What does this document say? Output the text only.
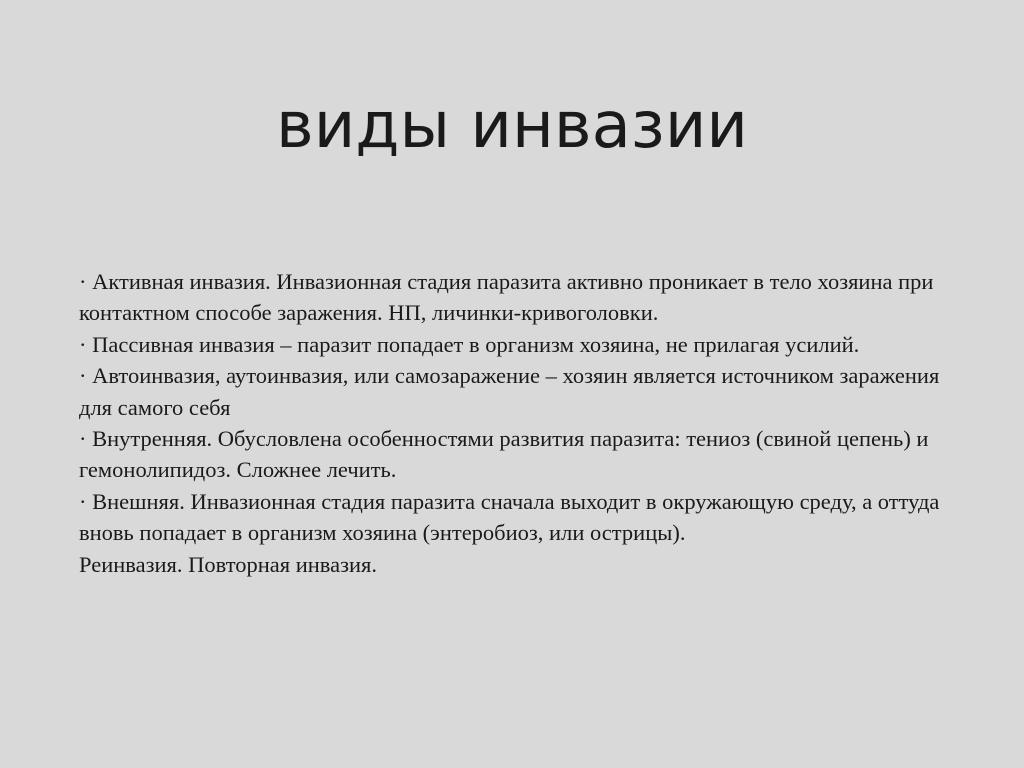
виды инвазии

· Активная инвазия. Инвазионная стадия паразита активно проникает в тело хозяина при контактном способе заражения. НП, личинки-кривоголовки.

· Пассивная инвазия – паразит попадает в организм хозяина, не прилагая усилий.

· Автоинвазия, аутоинвазия, или самозаражение – хозяин является источником заражения для самого себя

· Внутренняя. Обусловлена особенностями развития паразита: тениоз (свиной цепень) и гемонолипидоз. Сложнее лечить.

· Внешняя. Инвазионная стадия паразита сначала выходит в окружающую среду, а оттуда вновь попадает в организм хозяина (энтеробиоз, или острицы).

Реинвазия. Повторная инвазия.
